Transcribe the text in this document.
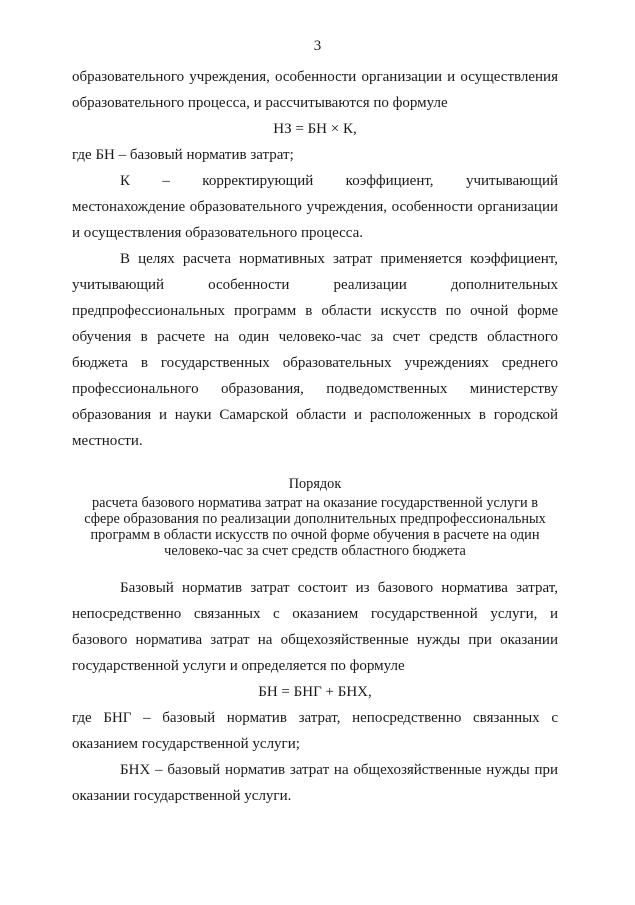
3

образовательного учреждения, особенности организации и осуществления образовательного процесса, и рассчитываются по формуле

НЗ = БН × К,

где БН – базовый норматив затрат;

К – корректирующий коэффициент, учитывающий местонахождение образовательного учреждения, особенности организации и осуществления образовательного процесса.

В целях расчета нормативных затрат применяется коэффициент, учитывающий особенности реализации дополнительных предпрофессиональных программ в области искусств по очной форме обучения в расчете на один человеко-час за счет средств областного бюджета в государственных образовательных учреждениях среднего профессионального образования, подведомственных министерству образования и науки Самарской области и расположенных в городской местности.

Порядок
расчета базового норматива затрат на оказание государственной услуги в
сфере образования по реализации дополнительных предпрофессиональных
программ в области искусств по очной форме обучения в расчете на один
человеко-час за счет средств областного бюджета

Базовый норматив затрат состоит из базового норматива затрат, непосредственно связанных с оказанием государственной услуги, и базового норматива затрат на общехозяйственные нужды при оказании государственной услуги и определяется по формуле

БН = БНГ + БНХ,

где БНГ – базовый норматив затрат, непосредственно связанных с оказанием государственной услуги;

БНХ – базовый норматив затрат на общехозяйственные нужды при оказании государственной услуги.
